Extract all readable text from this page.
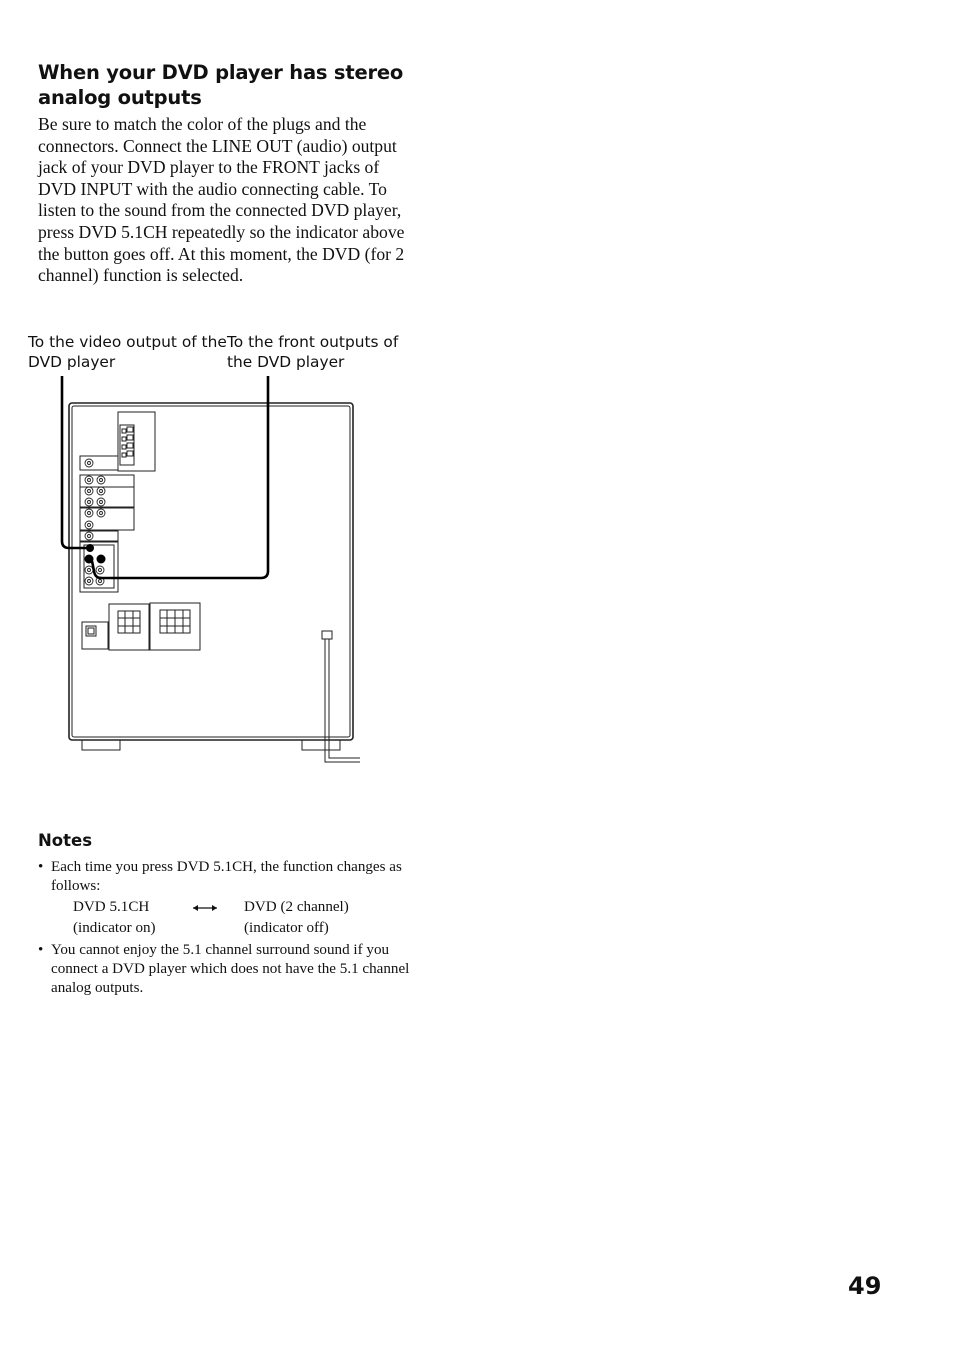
When your DVD player has stereo analog outputs

Be sure to match the color of the plugs and the connectors. Connect the LINE OUT (audio) output jack of your DVD player to the FRONT jacks of DVD INPUT with the audio connecting cable. To listen to the sound from the connected DVD player, press DVD 5.1CH repeatedly so the indicator above the button goes off. At this moment, the DVD (for 2 channel) function is selected.

To the video output of the DVD player

To the front outputs of the DVD player

Notes

• Each time you press DVD 5.1CH, the function changes as follows:

DVD 5.1CH
(indicator on)
DVD (2 channel)
(indicator off)

• You cannot enjoy the 5.1 channel surround sound if you connect a DVD player which does not have the 5.1 channel analog outputs.

49
